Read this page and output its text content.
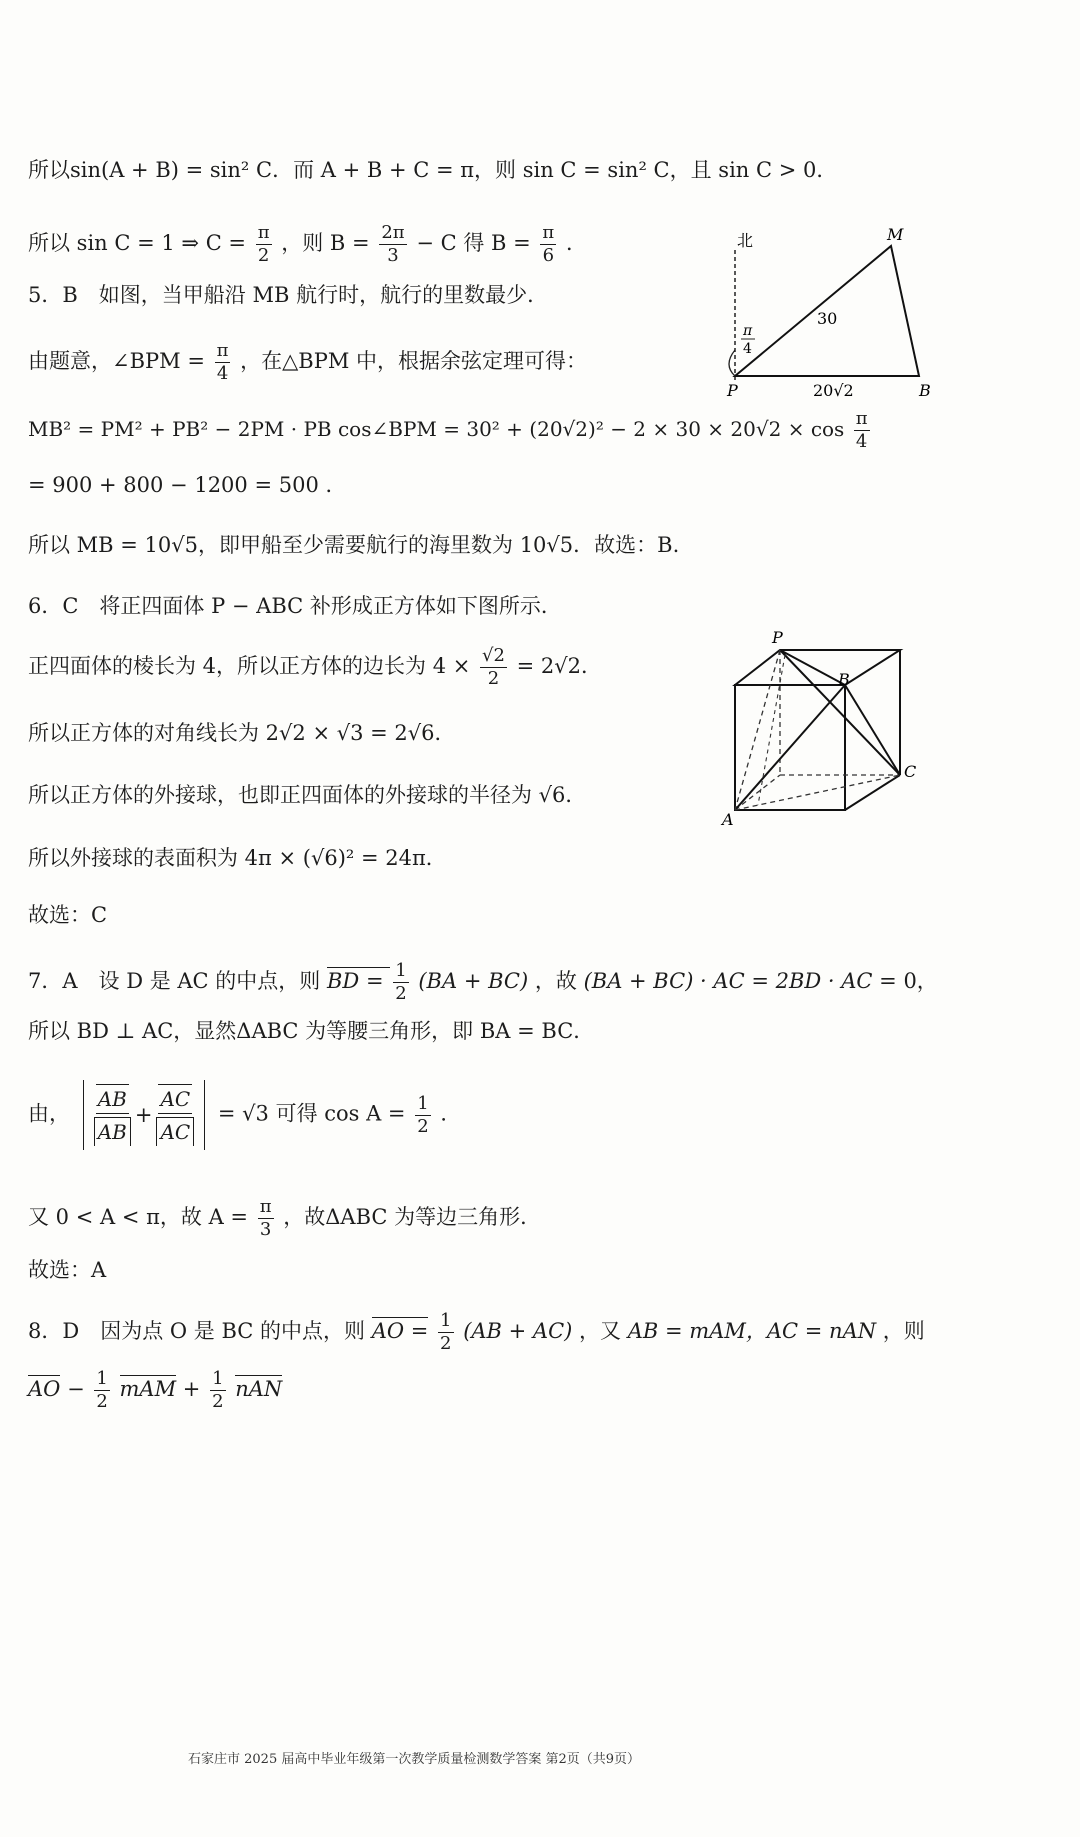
所以sin(A + B) = sin² C．而 A + B + C = π，则 sin C = sin² C，且 sin C > 0．
所以 sin C = 1 ⇒ $C = \frac{\pi}{2}$ ，则 $B = \frac{2\pi}{3} - C$ 得 $B = \frac{\pi}{6}$ ．
5．B　如图，当甲船沿 MB 航行时，航行的里数最少．
由题意，∠BPM = $\frac{\pi}{4}$ ，在△BPM 中，根据余弦定理可得：
MB² = PM² + PB² − 2PM · PB cos∠BPM = $30^2 + (20√2)^2 - 2 \times 30 \times 20√2 \times \cos \frac{\pi}{4}$
= 900 + 800 − 1200 = 500 ．
所以 MB = 10√5，即甲船至少需要航行的海里数为 10√5．故选：B.
6．C　将正四面体 P − ABC 补形成正方体如下图所示．
正四面体的棱长为 4，所以正方体的边长为 $4 \times \frac{√2}{2} = 2√2$．
所以正方体的对角线长为 2√2 × √3 = 2√6．
所以正方体的外接球，也即正四面体的外接球的半径为 √6．
所以外接球的表面积为 4π × (√6)² = 24π．
故选：C
7．A　设 D 是 AC 的中点，则 BD = $\frac{1}{2} (BA + BC)$ ，故 (BA + BC) · AC = 2BD · AC = 0，
所以 BD ⊥ AC，显然ΔABC 为等腰三角形，即 BA = BC．
由， $\frac{AB}{AB} + \frac{AC}{AC} = √3$ 可得 $\cos A = \frac{1}{2}$ ．
又 0 < A < π，故 $A = \frac{\pi}{3}$ ，故ΔABC 为等边三角形．
故选：A
8．D　因为点 O 是 BC 的中点，则 AO = $\frac{1}{2} (AB + AC)$ ，又 AB = mAM，AC = nAN ，则
AO − $\frac{1}{2}$ mAM + $\frac{1}{2}$ nAN
北
π
4
M
P	B
30
20√2
P
B
C
A
石家庄市 2025 届高中毕业年级第一次教学质量检测数学答案 第2页（共9页）
